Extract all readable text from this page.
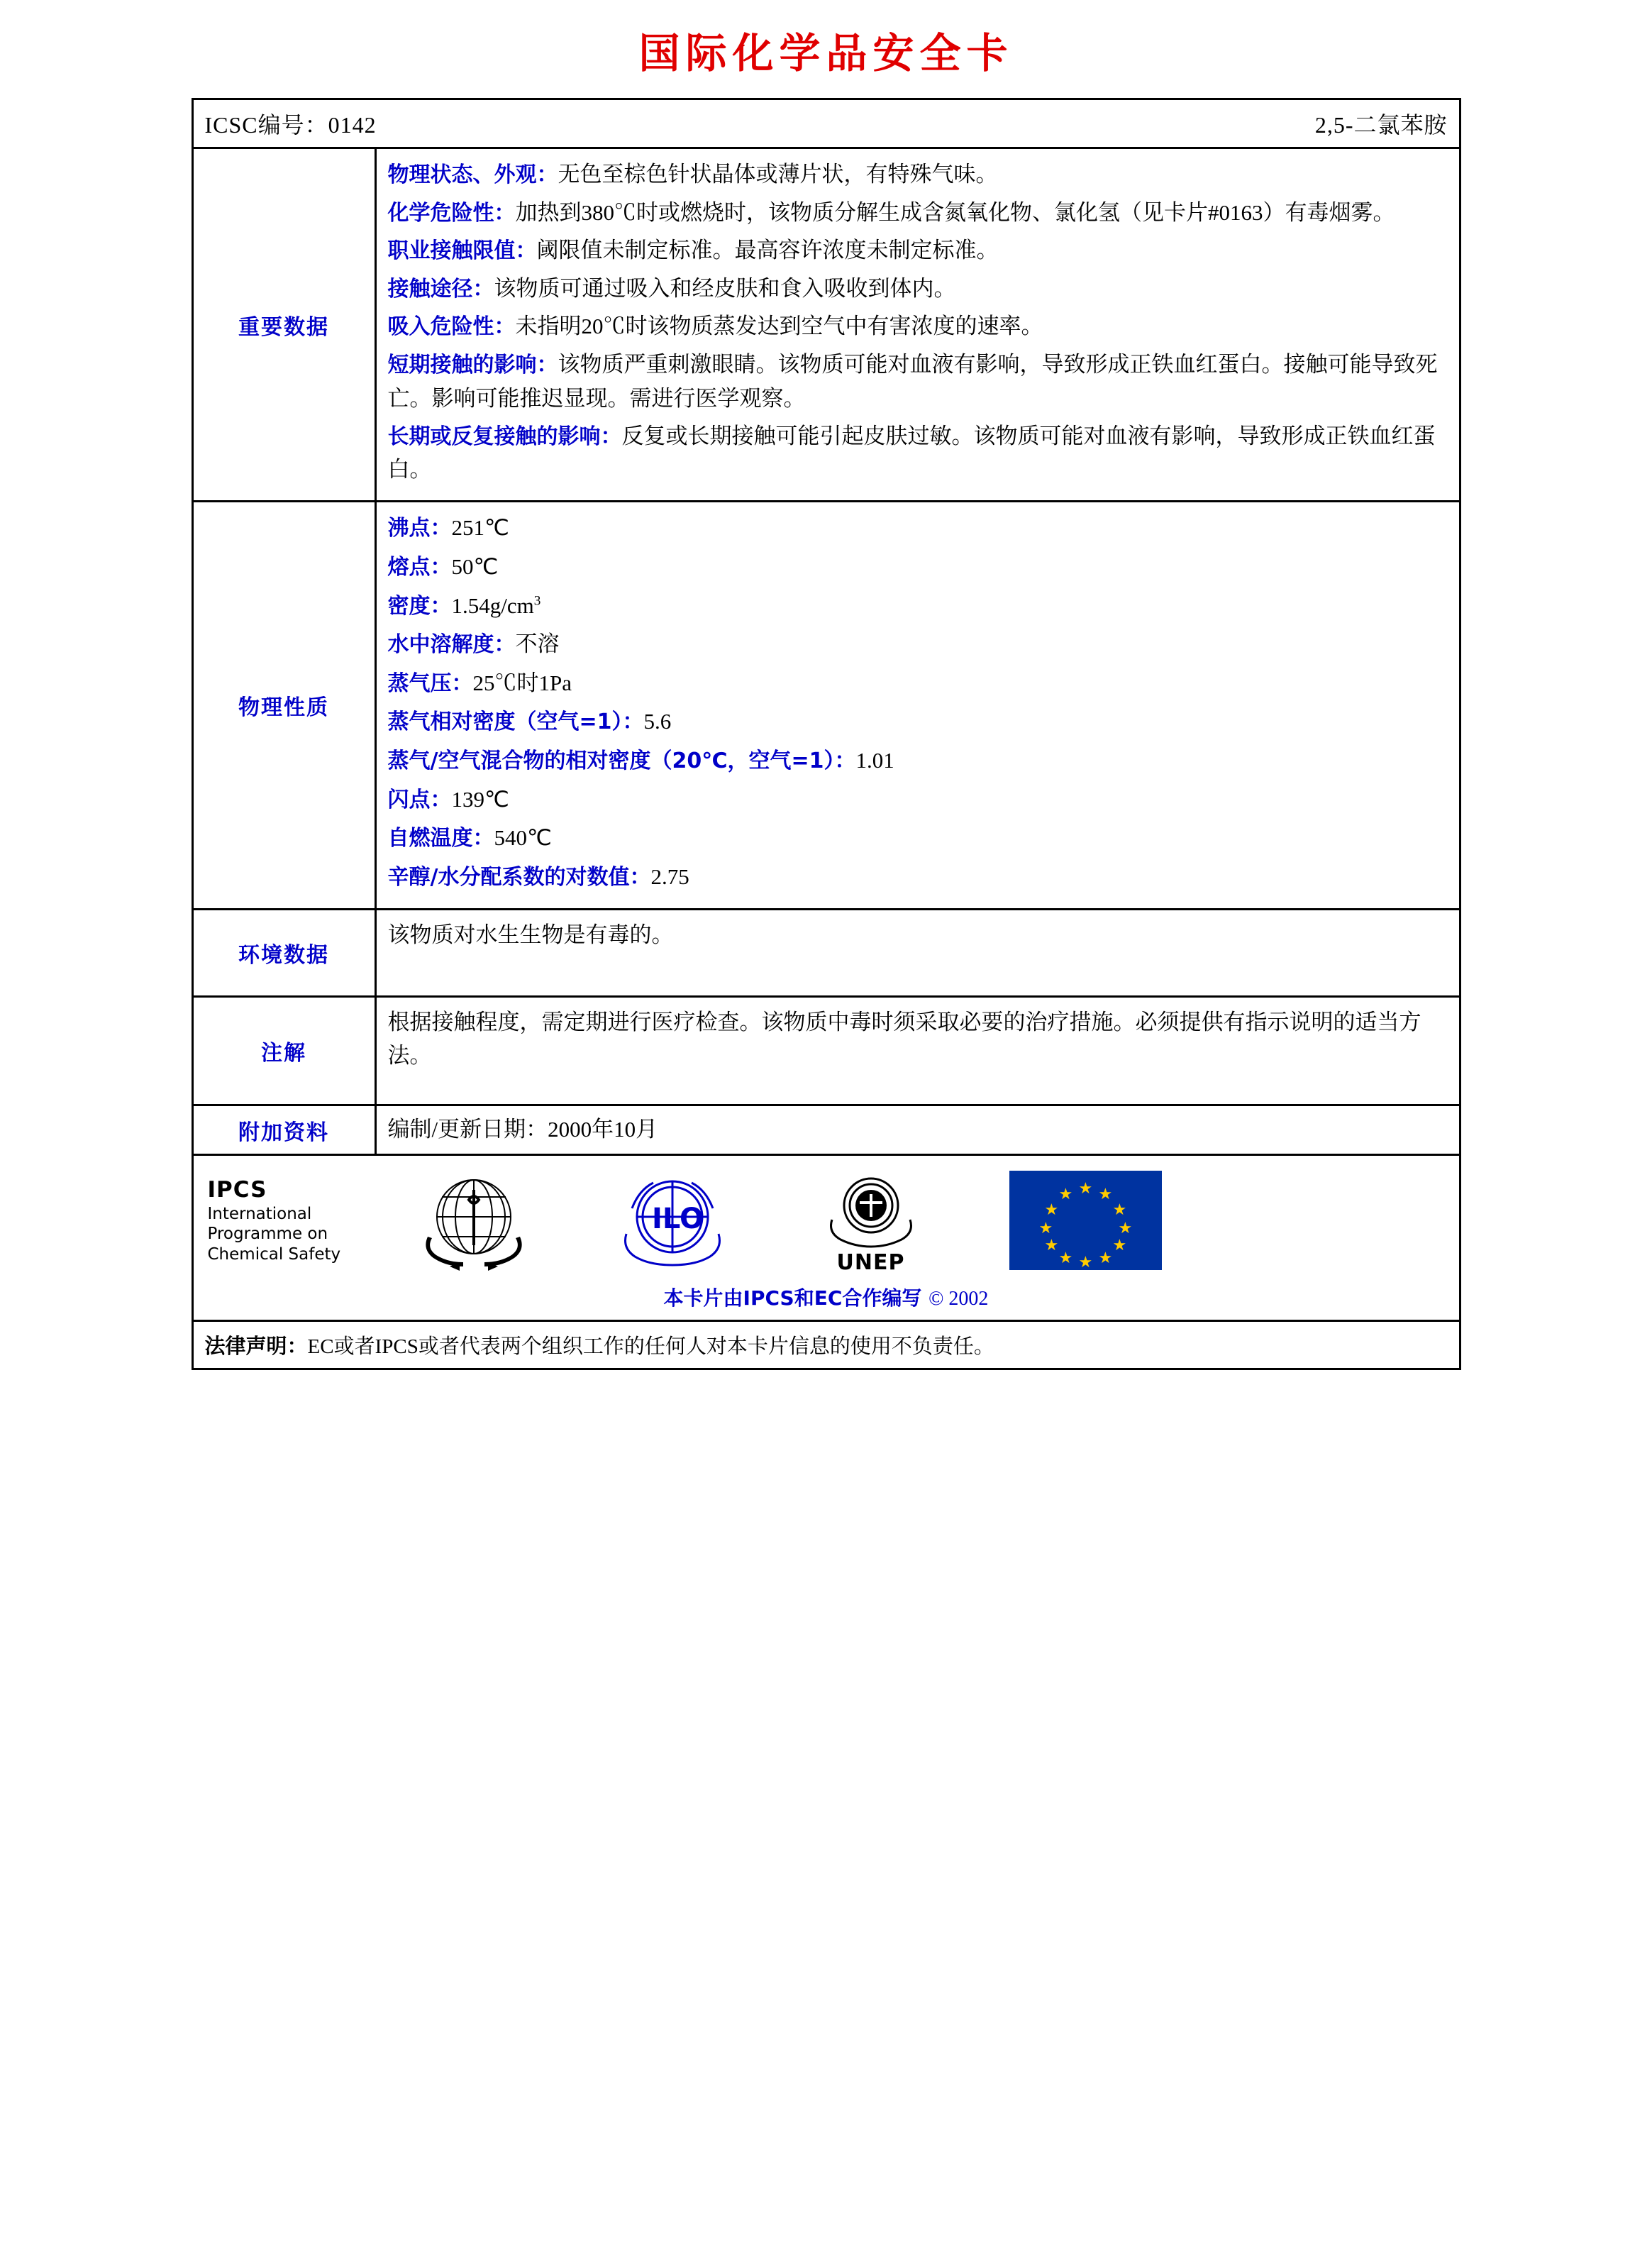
国际化学品安全卡
ICSC编号：0142	2,5-二氯苯胺
重要数据

物理状态、外观：无色至棕色针状晶体或薄片状，有特殊气味。

化学危险性：加热到380℃时或燃烧时，该物质分解生成含氮氧化物、氯化氢（见卡片#0163）有毒烟雾。

职业接触限值：阈限值未制定标准。最高容许浓度未制定标准。

接触途径：该物质可通过吸入和经皮肤和食入吸收到体内。

吸入危险性：未指明20℃时该物质蒸发达到空气中有害浓度的速率。

短期接触的影响：该物质严重刺激眼睛。该物质可能对血液有影响，导致形成正铁血红蛋白。接触可能导致死亡。影响可能推迟显现。需进行医学观察。

长期或反复接触的影响：反复或长期接触可能引起皮肤过敏。该物质可能对血液有影响，导致形成正铁血红蛋白。

物理性质
沸点：251℃
熔点：50℃
密度：$1.54g/cm^3$
水中溶解度：不溶
蒸气压：25℃时1Pa
蒸气相对密度（空气=1）：5.6
蒸气/空气混合物的相对密度（20℃，空气=1）：1.01
闪点：139℃
自燃温度：540℃
辛醇/水分配系数的对数值：2.75
环境数据
该物质对水生生物是有毒的。
注解
根据接触程度，需定期进行医疗检查。该物质中毒时须采取必要的治疗措施。必须提供有指示说明的适当方法。
附加资料	编制/更新日期：2000年10月
IPCS
International
Programme on
Chemical Safety
ILO
UNEP
★ ★
★
★
★
★
★
★
★
★
★
★
本卡片由IPCS和EC合作编写 © 2002
法律声明：EC或者IPCS或者代表两个组织工作的任何人对本卡片信息的使用不负责任。
